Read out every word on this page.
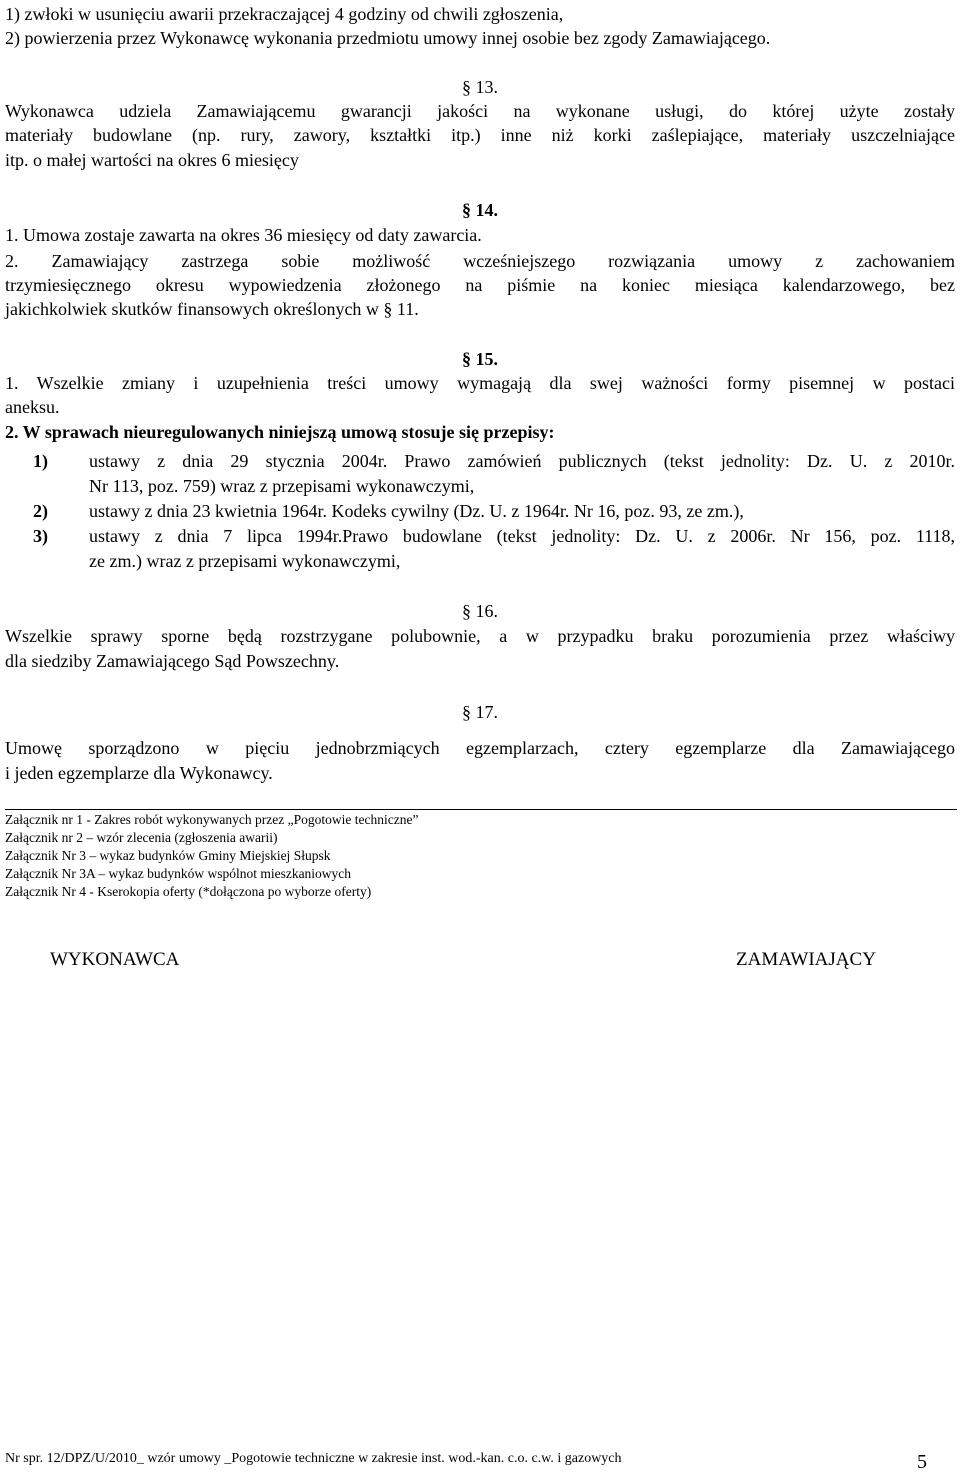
1) zwłoki w usunięciu awarii przekraczającej 4 godziny od chwili zgłoszenia,
2) powierzenia przez Wykonawcę wykonania przedmiotu umowy innej osobie bez zgody Zamawiającego.
§ 13.
Wykonawca udziela Zamawiającemu gwarancji jakości na wykonane usługi, do której użyte zostały
materiały budowlane (np. rury, zawory, kształtki itp.) inne niż korki zaślepiające, materiały uszczelniające
itp. o małej wartości na okres 6 miesięcy
§ 14.
1. Umowa zostaje zawarta na okres 36 miesięcy od daty zawarcia.
2. Zamawiający zastrzega sobie możliwość wcześniejszego rozwiązania umowy z zachowaniem
trzymiesięcznego okresu wypowiedzenia złożonego na piśmie na koniec miesiąca kalendarzowego, bez
jakichkolwiek skutków finansowych określonych w § 11.
§ 15.
1. Wszelkie zmiany i uzupełnienia treści umowy wymagają dla swej ważności formy pisemnej w postaci
aneksu.
2. W sprawach nieuregulowanych niniejszą umową stosuje się przepisy:
1) ustawy z dnia 29 stycznia 2004r. Prawo zamówień publicznych (tekst jednolity: Dz. U. z 2010r.
Nr 113, poz. 759) wraz z przepisami wykonawczymi,
2) ustawy z dnia 23 kwietnia 1964r. Kodeks cywilny (Dz. U. z 1964r. Nr 16, poz. 93, ze zm.),
3) ustawy z dnia 7 lipca 1994r.Prawo budowlane (tekst jednolity: Dz. U. z 2006r. Nr 156, poz. 1118,
ze zm.) wraz z przepisami wykonawczymi,
§ 16.
Wszelkie sprawy sporne będą rozstrzygane polubownie, a w przypadku braku porozumienia przez właściwy
dla siedziby Zamawiającego Sąd Powszechny.
§ 17.
Umowę sporządzono w pięciu jednobrzmiących egzemplarzach, cztery egzemplarze dla Zamawiającego
i jeden egzemplarze dla Wykonawcy.
Załącznik nr 1 - Zakres robót wykonywanych przez „Pogotowie techniczne”
Załącznik nr 2 – wzór zlecenia (zgłoszenia awarii)
Załącznik Nr 3 – wykaz budynków Gminy Miejskiej Słupsk
Załącznik Nr 3A – wykaz budynków wspólnot mieszkaniowych
Załącznik Nr 4 - Kserokopia oferty (*dołączona po wyborze oferty)
WYKONAWCA	ZAMAWIAJĄCY
Nr spr. 12/DPZ/U/2010_ wzór umowy _Pogotowie techniczne w zakresie inst. wod.-kan. c.o. c.w. i gazowych	5
